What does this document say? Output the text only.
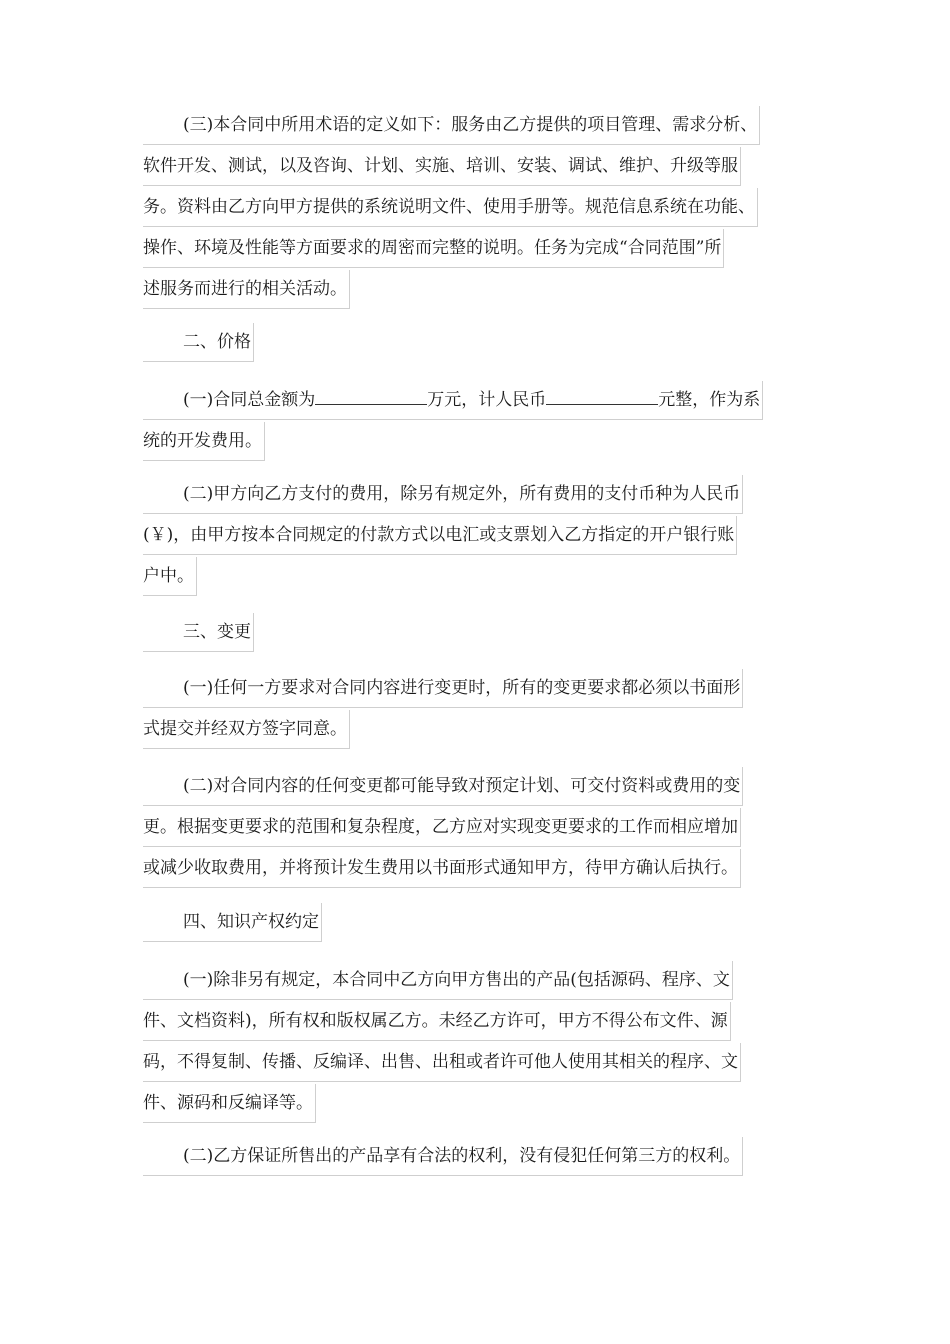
(三)本合同中所用术语的定义如下：服务由乙方提供的项目管理、需求分析、
软件开发、测试，以及咨询、计划、实施、培训、安装、调试、维护、升级等服
务。资料由乙方向甲方提供的系统说明文件、使用手册等。规范信息系统在功能、
操作、环境及性能等方面要求的周密而完整的说明。任务为完成“合同范围”所
述服务而进行的相关活动。
二、价格
(一)合同总金额为	万元，计人民币	元整，作为系
统的开发费用。
(二)甲方向乙方支付的费用，除另有规定外，所有费用的支付币种为人民币
(￥)，由甲方按本合同规定的付款方式以电汇或支票划入乙方指定的开户银行账
户中。
三、变更
(一)任何一方要求对合同内容进行变更时，所有的变更要求都必须以书面形
式提交并经双方签字同意。
(二)对合同内容的任何变更都可能导致对预定计划、可交付资料或费用的变
更。根据变更要求的范围和复杂程度，乙方应对实现变更要求的工作而相应增加
或减少收取费用，并将预计发生费用以书面形式通知甲方，待甲方确认后执行。
四、知识产权约定
(一)除非另有规定，本合同中乙方向甲方售出的产品(包括源码、程序、文
件、文档资料)，所有权和版权属乙方。未经乙方许可，甲方不得公布文件、源
码，不得复制、传播、反编译、出售、出租或者许可他人使用其相关的程序、文
件、源码和反编译等。
(二)乙方保证所售出的产品享有合法的权利，没有侵犯任何第三方的权利。
